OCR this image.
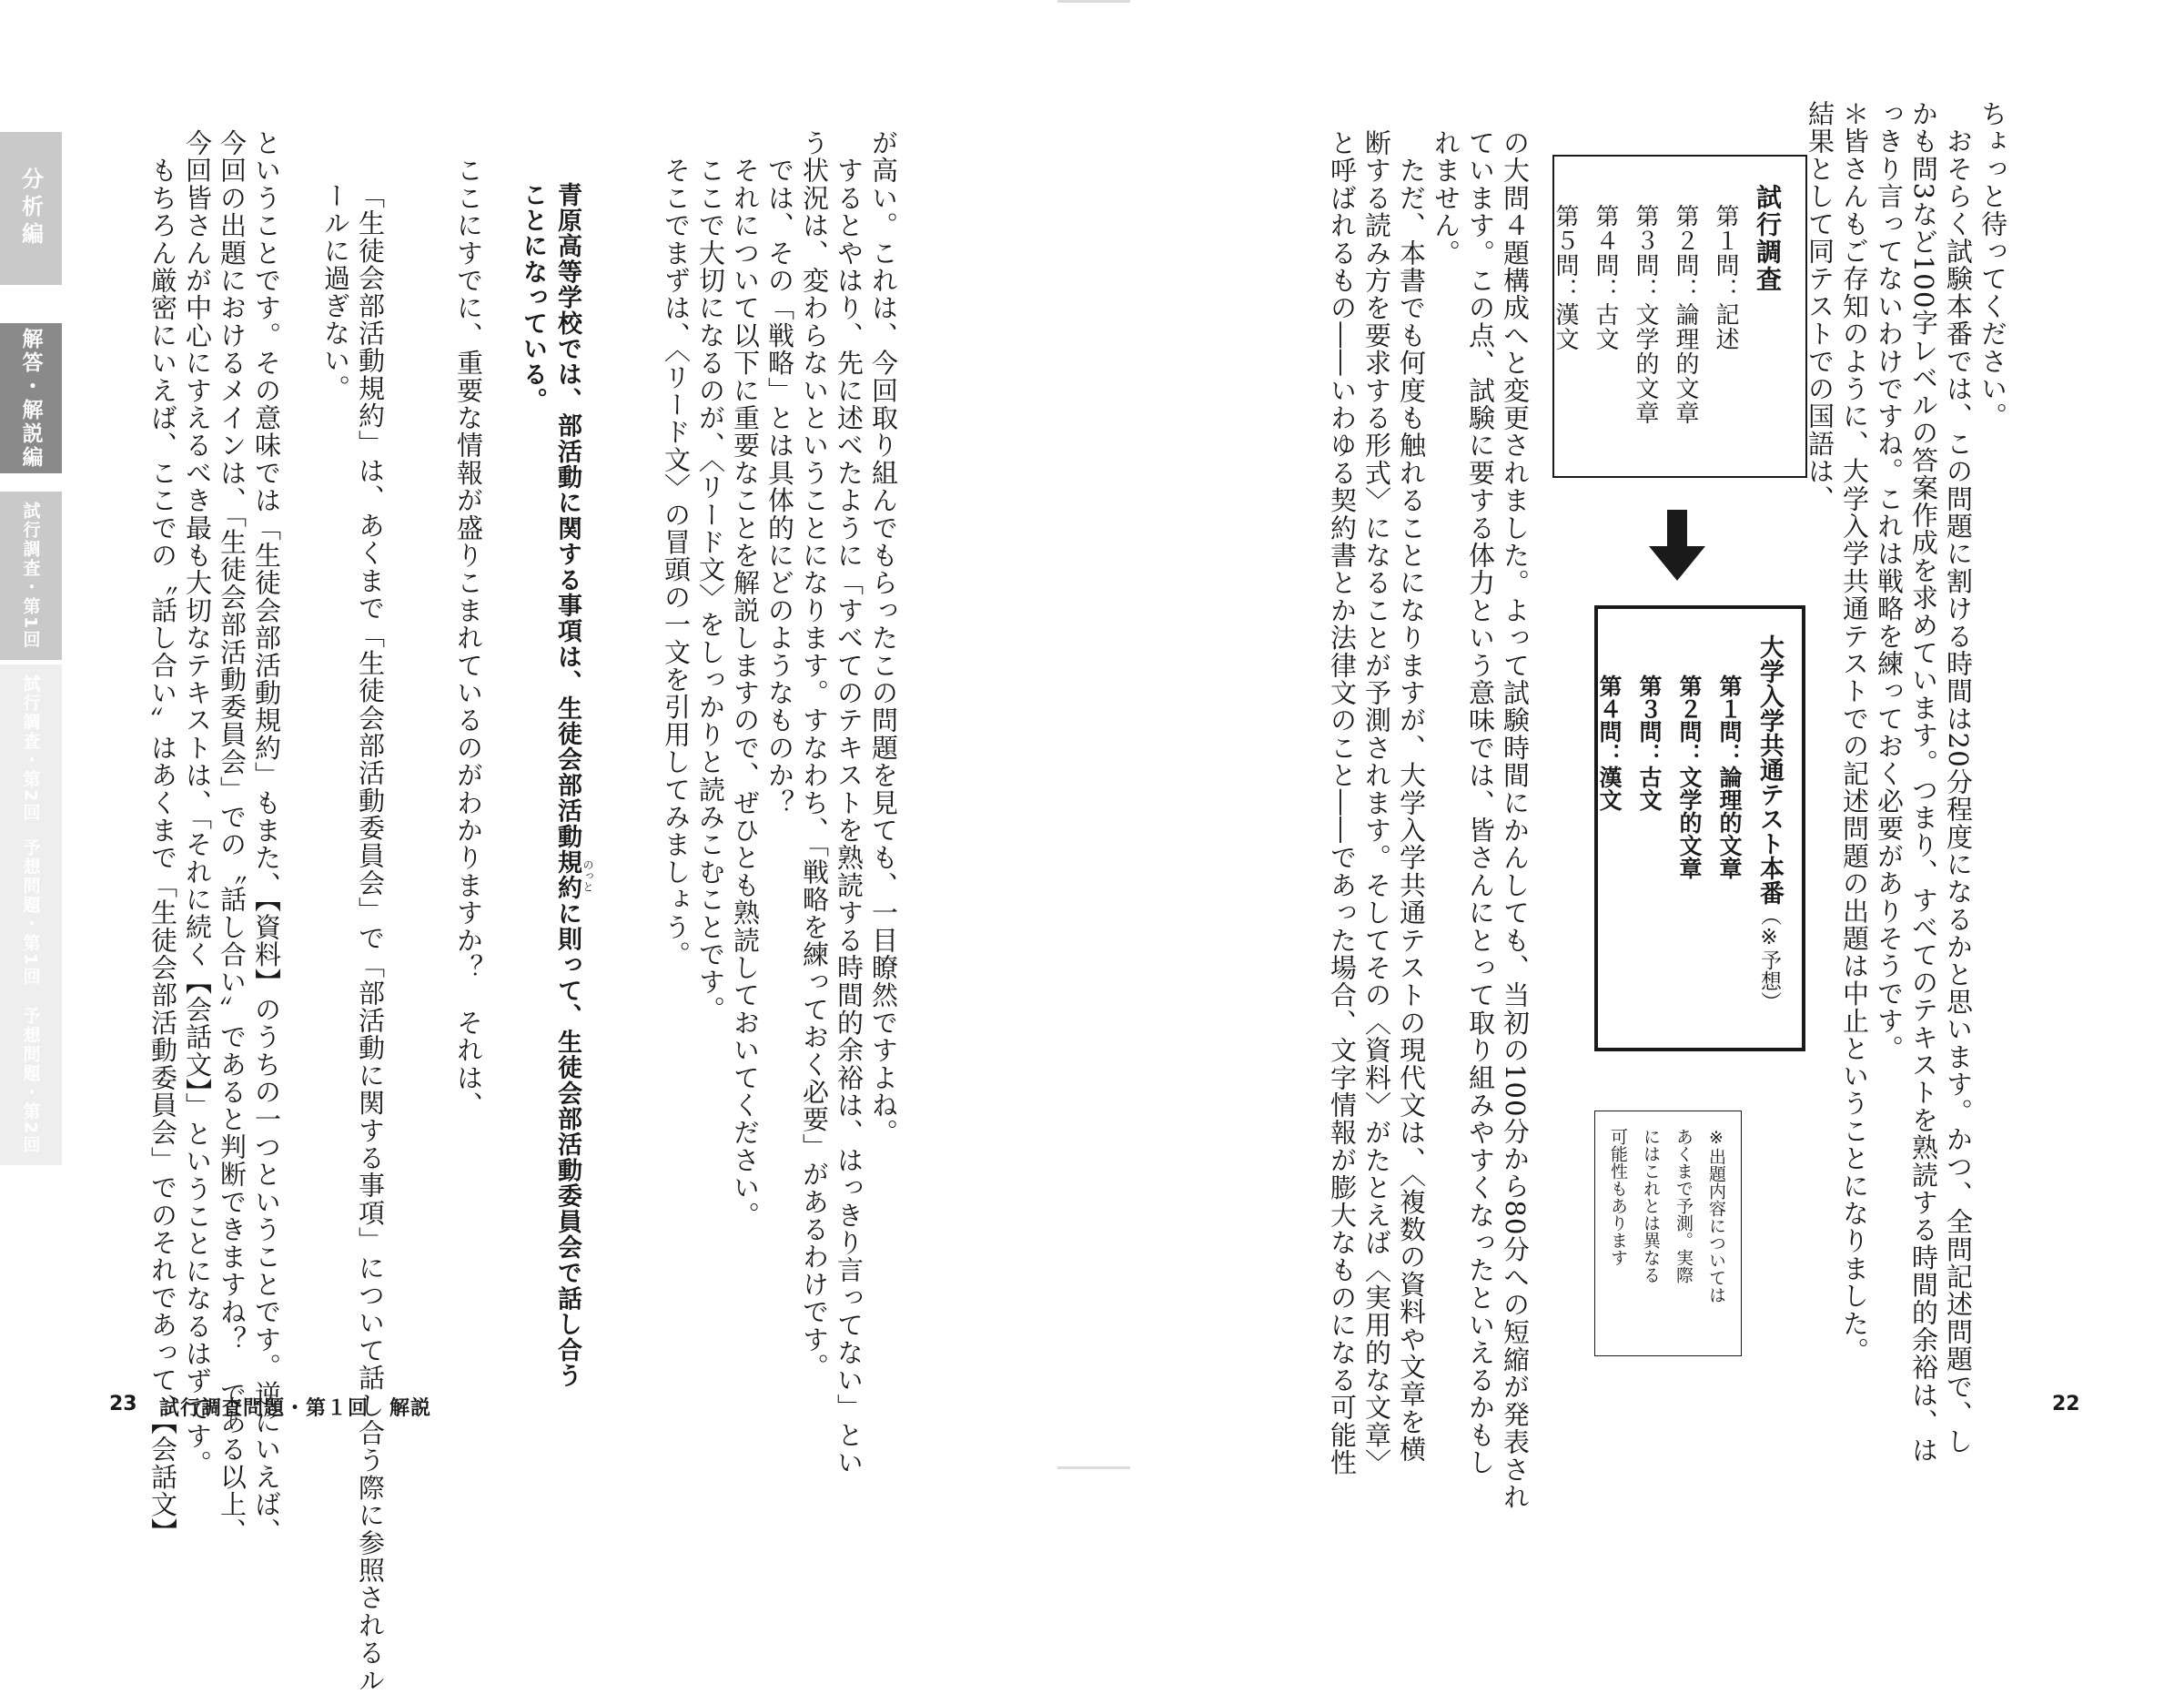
ちょっと待ってください。
　おそらく試験本番では、この問題に割ける時間は20分程度になるかと思います。かつ、全問記述問題で、し
かも問3など100字レベルの答案作成を求めています。つまり、すべてのテキストを熟読する時間的余裕は、は
っきり言ってないわけですね。これは戦略を練っておく必要がありそうです。
＊皆さんもご存知のように、大学入学共通テストでの記述問題の出題は中止ということになりました。
結果として同テストでの国語は、
試行調査
第１問：記述
第２問：論理的文章
第３問：文学的文章
第４問：古文
第５問：漢文
大学入学共通テスト本番（※予想）
第１問：論理的文章
第２問：文学的文章
第３問：古文
第４問：漢文
※出題内容については
あくまで予測。実際
にはこれとは異なる
可能性もあります
の大問４題構成へと変更されました。よって試験時間にかんしても、当初の100分から80分への短縮が発表され
ています。この点、試験に要する体力という意味では、皆さんにとって取り組みやすくなったといえるかもし
れません。
　ただ、本書でも何度も触れることになりますが、大学入学共通テストの現代文は、〈複数の資料や文章を横
断する読み方を要求する形式〉になることが予測されます。そしてその〈資料〉がたとえば〈実用的な文章〉
と呼ばれるもの――いわゆる契約書とか法律文のこと――であった場合、文字情報が膨大なものになる可能性
が高い。これは、今回取り組んでもらったこの問題を見ても、一目瞭然ですよね。
　するとやはり、先に述べたように「すべてのテキストを熟読する時間的余裕は、はっきり言ってない」とい
う状況は、変わらないということになります。すなわち、「戦略を練っておく必要」があるわけです。
　では、その「戦略」とは具体的にどのようなものか？
　それについて以下に重要なことを解説しますので、ぜひとも熟読しておいてください。
　ここで大切になるのが、〈リード文〉をしっかりと読みこむことです。
　そこでまずは、〈リード文〉の冒頭の一文を引用してみましょう。
青原高等学校では、部活動に関する事項は、生徒会部活動規約に則って、生徒会部活動委員会で話し合う
ことになっている。
のっと
　ここにすでに、重要な情報が盛りこまれているのがわかりますか？　それは、
「生徒会部活動規約」は、あくまで「生徒会部活動委員会」で「部活動に関する事項」について話し合う際に参照されるル
ールに過ぎない。
ということです。その意味では「生徒会部活動規約」もまた、【資料】のうちの一つということです。逆にいえば、
今回の出題におけるメインは、「生徒会部活動委員会」での〝話し合い〟であると判断できますね？　である以上、
今回皆さんが中心にすえるべき最も大切なテキストは、「それに続く【会話文】」ということになるはずです。
　もちろん厳密にいえば、ここでの〝話し合い〟はあくまで「生徒会部活動委員会」でのそれであって、【会話文】
分析編
解答・解説編
試行調査・第1回
試行調査・第2回
予想問題・第1回
予想問題・第2回
23 試行調査問題・第１回　解説	22
